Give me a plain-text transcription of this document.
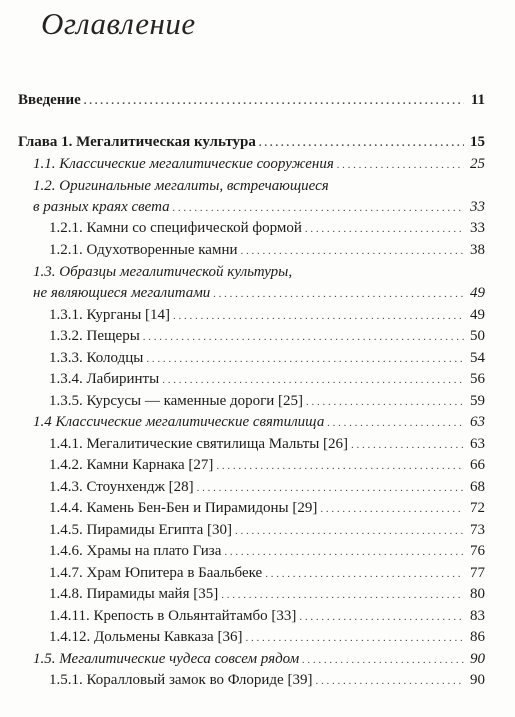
Оглавление
Введение . . .	11
Глава 1. Мегалитическая культура . . .	15
1.1. Классические мегалитические сооружения . . .	25
1.2. Оригинальные мегалиты, встречающиеся
в разных краях света . . .	33
1.2.1. Камни со специфической формой . . .	33
1.2.1. Одухотворенные камни . . .	38
1.3. Образцы мегалитической культуры,
не являющиеся мегалитами . . .	49
1.3.1. Курганы [14] . . .	49
1.3.2. Пещеры . . .	50
1.3.3. Колодцы . . .	54
1.3.4. Лабиринты . . .	56
1.3.5. Курсусы — каменные дороги [25] . . .	59
1.4 Классические мегалитические святилища . . .	63
1.4.1. Мегалитические святилища Мальты [26] . . .	63
1.4.2. Камни Карнака [27] . . .	66
1.4.3. Стоунхендж [28] . . .	68
1.4.4. Камень Бен-Бен и Пирамидоны [29] . . .	72
1.4.5. Пирамиды Египта [30] . . .	73
1.4.6. Храмы на плато Гиза . . .	76
1.4.7. Храм Юпитера в Баальбеке . . .	77
1.4.8. Пирамиды майя [35] . . .	80
1.4.11. Крепость в Ольянтайтамбо [33] . . .	83
1.4.12. Дольмены Кавказа [36] . . .	86
1.5. Мегалитические чудеса совсем рядом . . .	90
1.5.1. Коралловый замок во Флориде [39] . . .	90
